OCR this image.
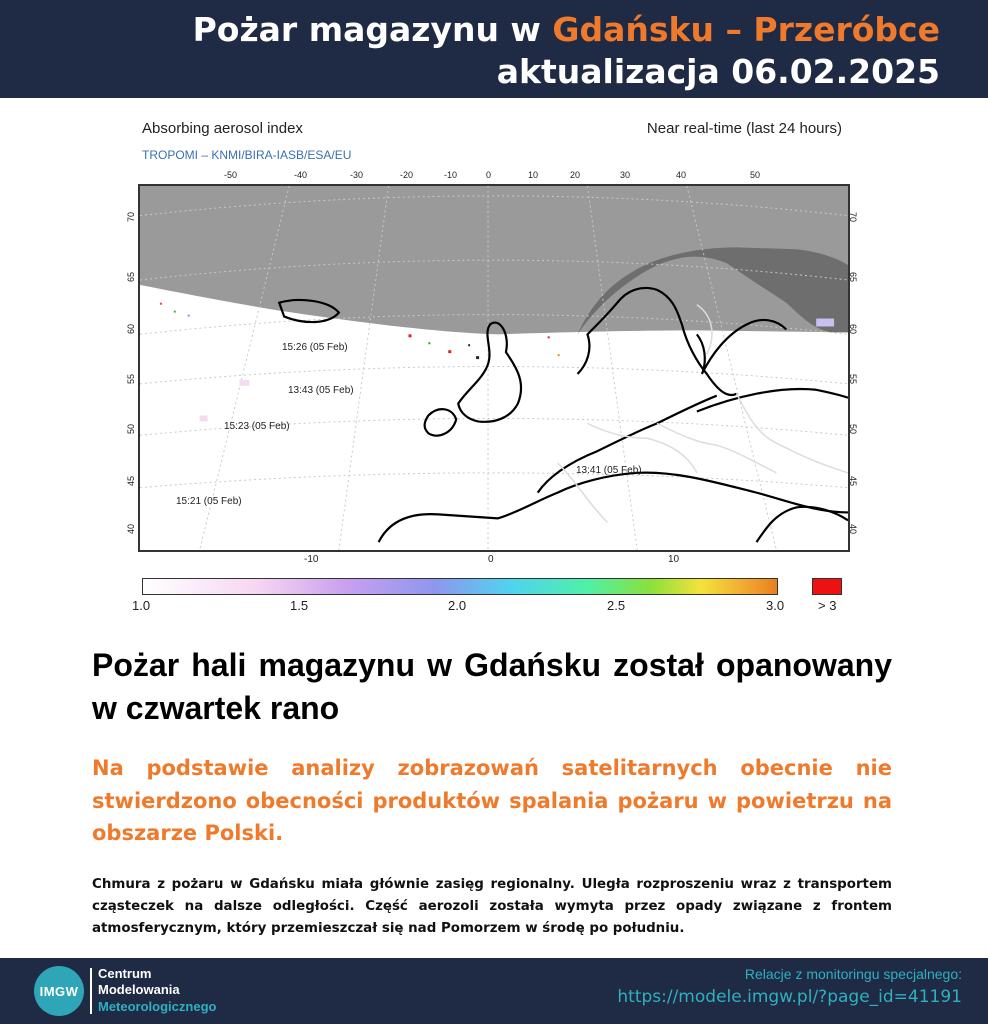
Pożar magazynu w Gdańsku – Przeróbce
aktualizacja 06.02.2025
Absorbing aerosol index
TROPOMI – KNMI/BIRA-IASB/ESA/EU
Near real-time (last 24 hours)
-50	-40	-30	-20	-10	0	10	20	30	40	50
70
65
60
55
50
45
40
70
65
60
55
50
45
40
15:26 (05 Feb)
13:43 (05 Feb)
15:23 (05 Feb)
15:21 (05 Feb)
13:41 (05 Feb)
-10	0	10
1.0	1.5	2.0	2.5	3.0	> 3
Pożar hali magazynu w Gdańsku został opanowany w czwartek rano
Na podstawie analizy zobrazowań satelitarnych obecnie nie stwierdzono obecności produktów spalania pożaru w powietrzu na obszarze Polski.
Chmura z pożaru w Gdańsku miała głównie zasięg regionalny. Uległa rozproszeniu wraz z transportem cząsteczek na dalsze odległości. Część aerozoli została wymyta przez opady związane z frontem atmosferycznym, który przemieszczał się nad Pomorzem w środę po południu.
IMGW
Centrum
Modelowania
Meteorologicznego
Relacje z monitoringu specjalnego:
https://modele.imgw.pl/?page_id=41191
